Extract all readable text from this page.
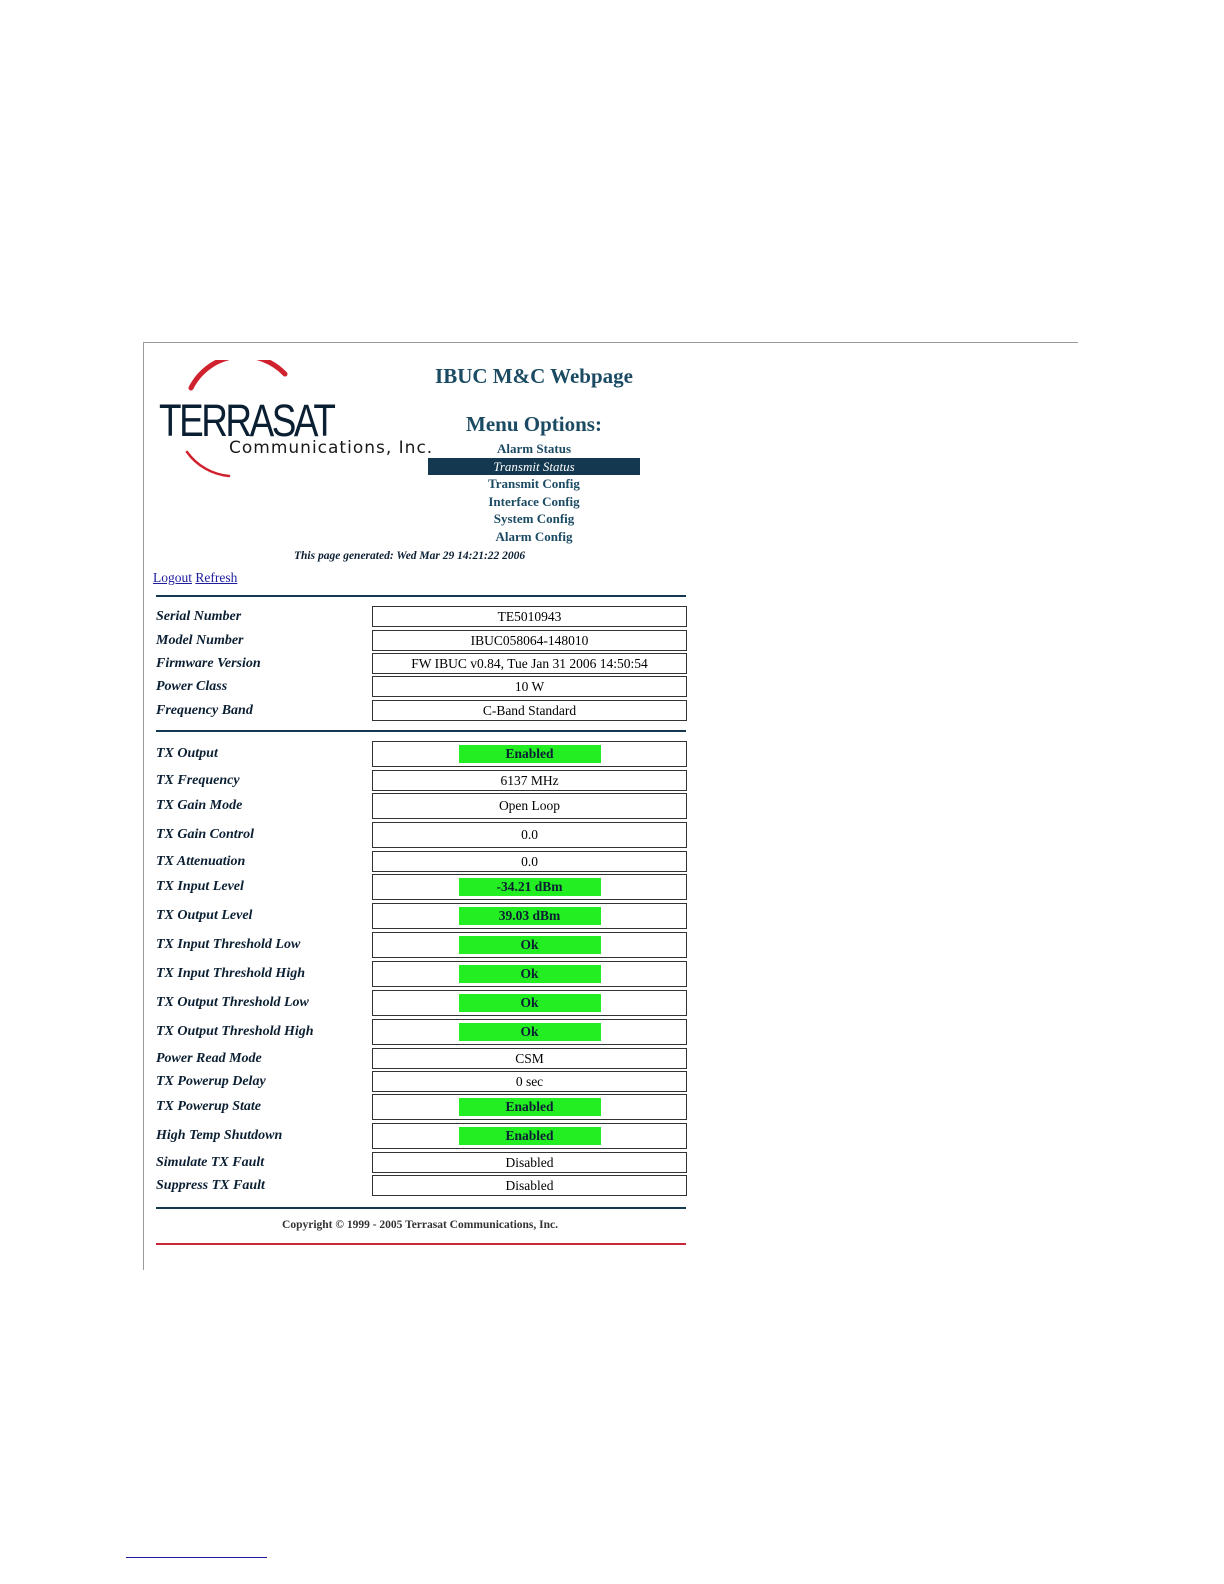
TERRASAT

Communications, Inc.

IBUC M&C Webpage
Menu Options:
Alarm Status
Transmit Status
Transmit Config
Interface Config
System Config
Alarm Config
This page generated: Wed Mar 29 14:21:22 2006
Logout Refresh
Serial Number	TE5010943
Model Number	IBUC058064-148010
Firmware Version	FW IBUC v0.84, Tue Jan 31 2006 14:50:54
Power Class	10 W
Frequency Band	C-Band Standard
TX Output	Enabled
TX Frequency	6137 MHz
TX Gain Mode	Open Loop
TX Gain Control	0.0
TX Attenuation	0.0
TX Input Level	-34.21 dBm
TX Output Level	39.03 dBm
TX Input Threshold Low	Ok
TX Input Threshold High	Ok
TX Output Threshold Low	Ok
TX Output Threshold High	Ok
Power Read Mode	CSM
TX Powerup Delay	0 sec
TX Powerup State	Enabled
High Temp Shutdown	Enabled
Simulate TX Fault	Disabled
Suppress TX Fault	Disabled
Copyright © 1999 - 2005 Terrasat Communications, Inc.
